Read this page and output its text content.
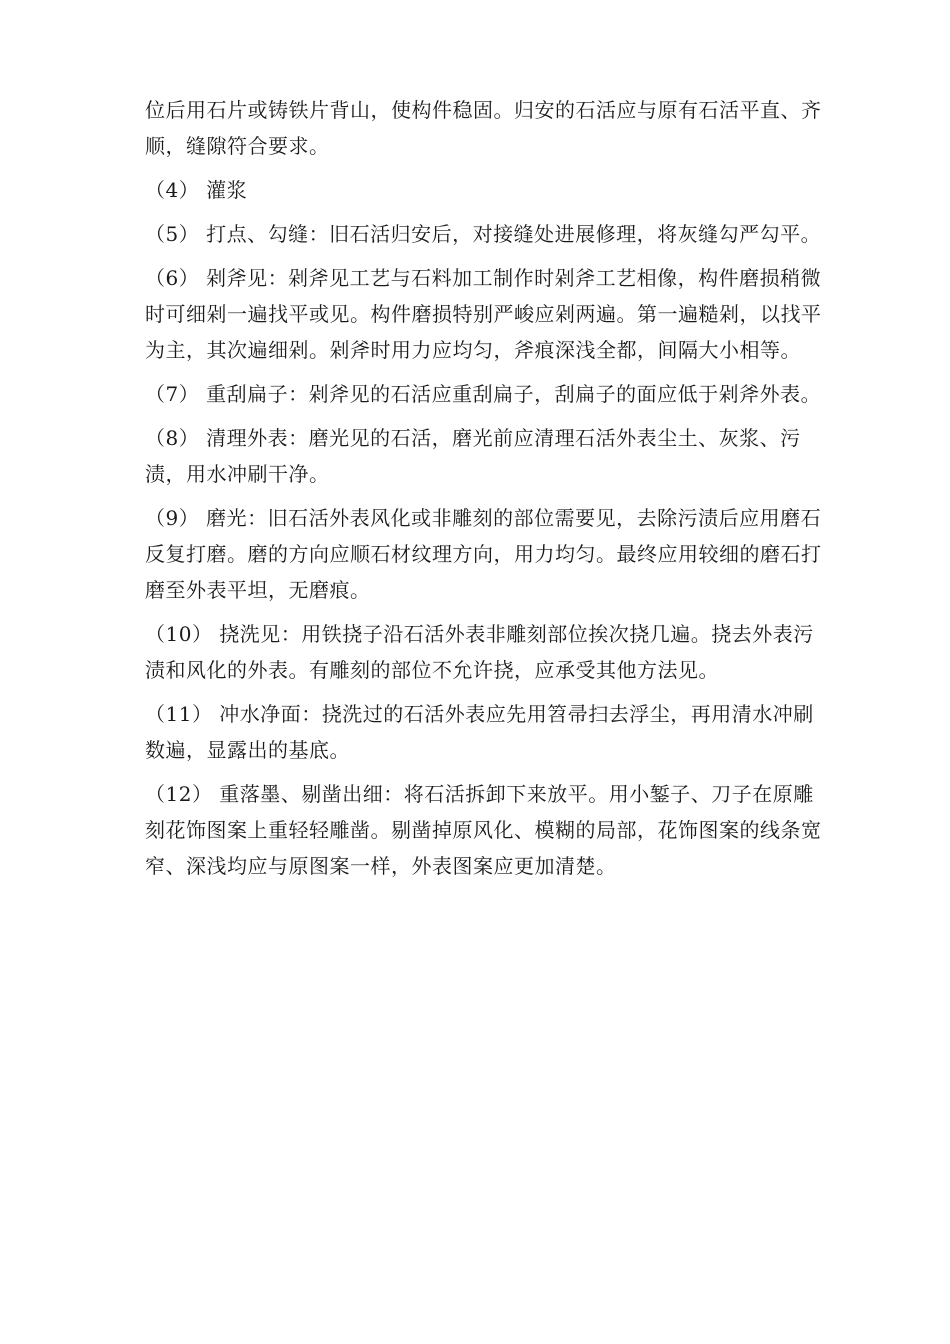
位后用石片或铸铁片背山，使构件稳固。归安的石活应与原有石活平直、齐顺，缝隙符合要求。

（4） 灌浆

（5） 打点、勾缝：旧石活归安后，对接缝处进展修理，将灰缝勾严勾平。

（6） 剁斧见：剁斧见工艺与石料加工制作时剁斧工艺相像，构件磨损稍微时可细剁一遍找平或见。构件磨损特别严峻应剁两遍。第一遍糙剁，以找平为主，其次遍细剁。剁斧时用力应均匀，斧痕深浅全都，间隔大小相等。

（7） 重刮扁子：剁斧见的石活应重刮扁子，刮扁子的面应低于剁斧外表。

（8） 清理外表：磨光见的石活，磨光前应清理石活外表尘土、灰浆、污渍，用水冲刷干净。

（9） 磨光：旧石活外表风化或非雕刻的部位需要见，去除污渍后应用磨石反复打磨。磨的方向应顺石材纹理方向，用力均匀。最终应用较细的磨石打磨至外表平坦，无磨痕。

（10） 挠洗见：用铁挠子沿石活外表非雕刻部位挨次挠几遍。挠去外表污渍和风化的外表。有雕刻的部位不允许挠，应承受其他方法见。

（11） 冲水净面：挠洗过的石活外表应先用笤帚扫去浮尘，再用清水冲刷数遍，显露出的基底。

（12） 重落墨、剔凿出细：将石活拆卸下来放平。用小錾子、刀子在原雕刻花饰图案上重轻轻雕凿。剔凿掉原风化、模糊的局部，花饰图案的线条宽窄、深浅均应与原图案一样，外表图案应更加清楚。
